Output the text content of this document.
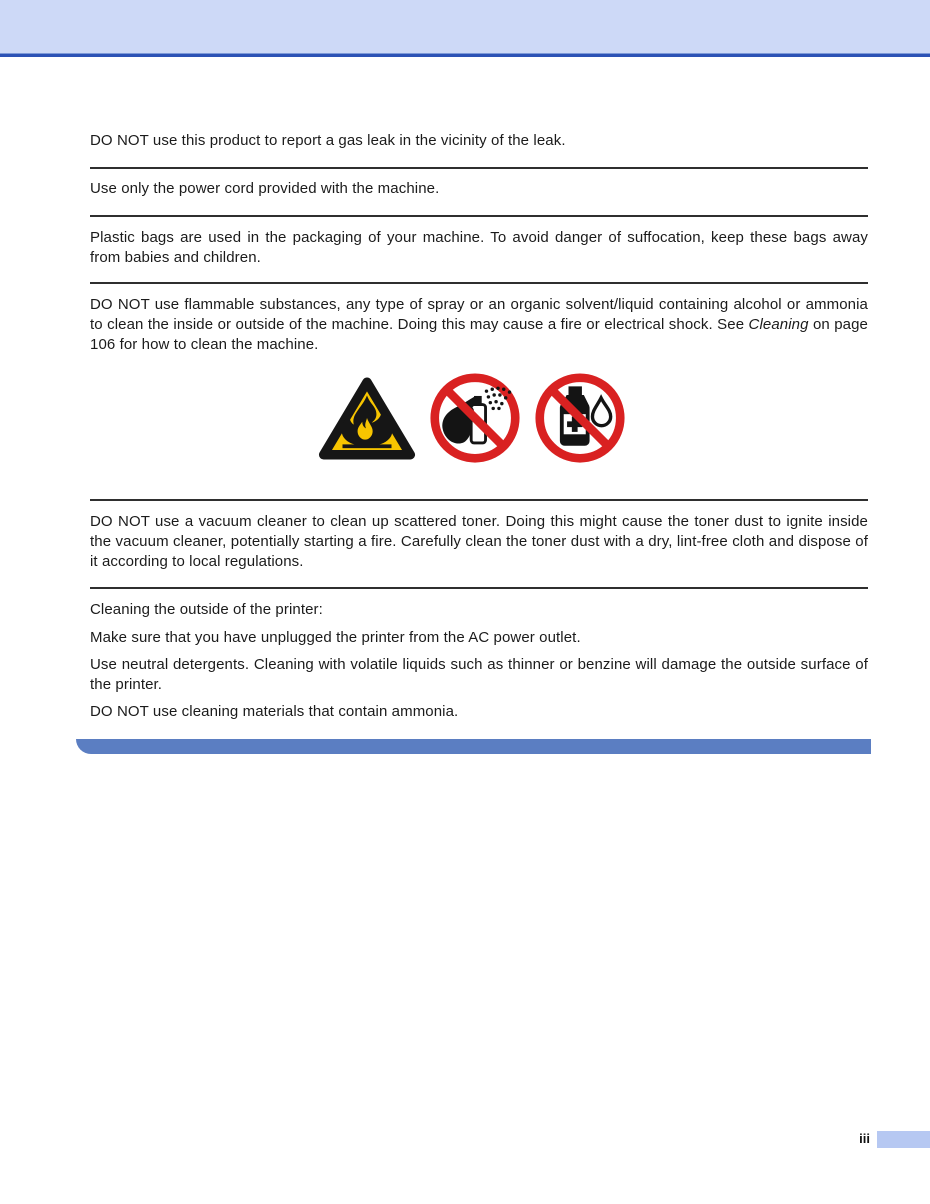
DO NOT use this product to report a gas leak in the vicinity of the leak.

Use only the power cord provided with the machine.

Plastic bags are used in the packaging of your machine. To avoid danger of suffocation, keep these bags away from babies and children.

DO NOT use flammable substances, any type of spray or an organic solvent/liquid containing alcohol or ammonia to clean the inside or outside of the machine. Doing this may cause a fire or electrical shock. See Cleaning on page 106 for how to clean the machine.

DO NOT use a vacuum cleaner to clean up scattered toner. Doing this might cause the toner dust to ignite inside the vacuum cleaner, potentially starting a fire. Carefully clean the toner dust with a dry, lint-free cloth and dispose of it according to local regulations.

Cleaning the outside of the printer:

Make sure that you have unplugged the printer from the AC power outlet.

Use neutral detergents. Cleaning with volatile liquids such as thinner or benzine will damage the outside surface of the printer.

DO NOT use cleaning materials that contain ammonia.

iii
